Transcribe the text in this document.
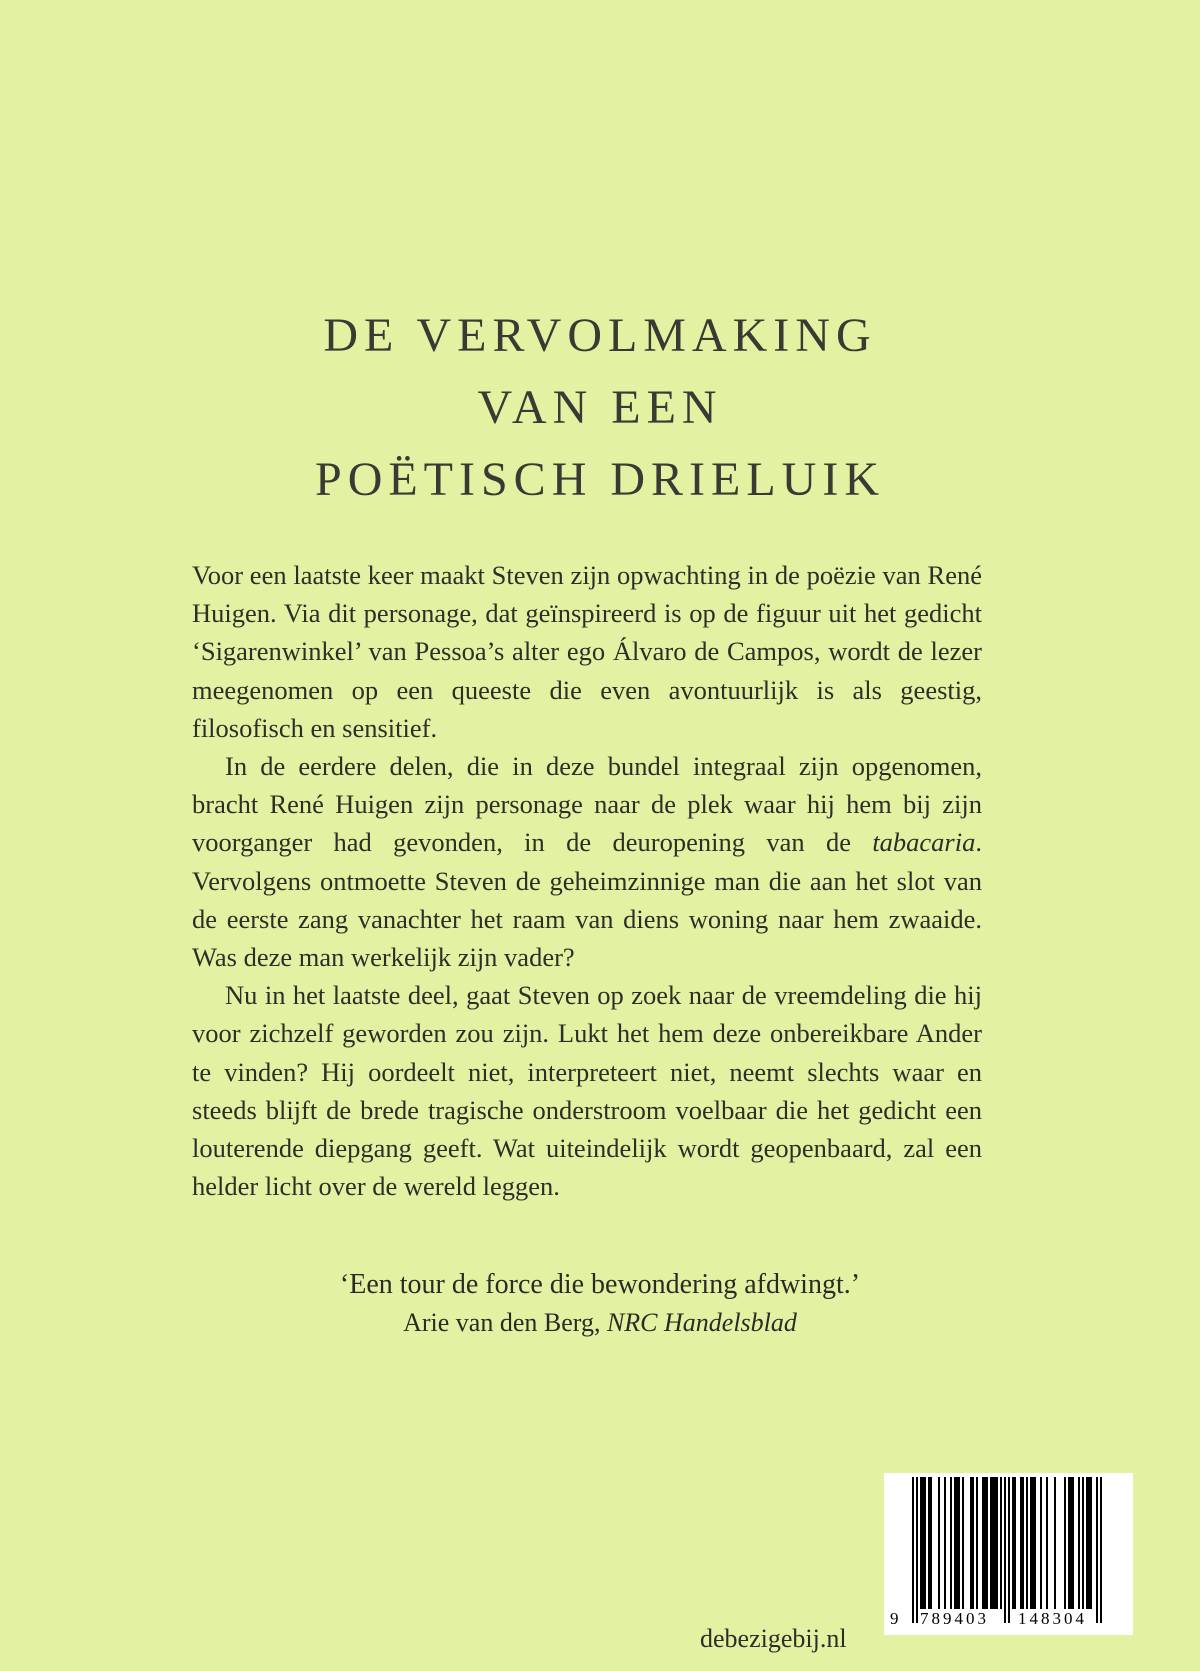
DE VERVOLMAKING
VAN EEN
POËTISCH DRIELUIK

Voor een laatste keer maakt Steven zijn opwachting in de poëzie van René Huigen. Via dit personage, dat geïnspireerd is op de figuur uit het gedicht ‘Sigarenwinkel’ van Pessoa’s alter ego Álvaro de Campos, wordt de lezer meegenomen op een queeste die even avontuurlijk is als geestig, filosofisch en sensitief.

In de eerdere delen, die in deze bundel integraal zijn opgenomen, bracht René Huigen zijn personage naar de plek waar hij hem bij zijn voorganger had gevonden, in de deuropening van de tabacaria. Vervolgens ontmoette Steven de geheimzinnige man die aan het slot van de eerste zang vanachter het raam van diens woning naar hem zwaaide. Was deze man werkelijk zijn vader?

Nu in het laatste deel, gaat Steven op zoek naar de vreemdeling die hij voor zichzelf geworden zou zijn. Lukt het hem deze onbereikbare Ander te vinden? Hij oordeelt niet, interpreteert niet, neemt slechts waar en steeds blijft de brede tragische onderstroom voelbaar die het gedicht een louterende diepgang geeft. Wat uiteindelijk wordt geopenbaard, zal een helder licht over de wereld leggen.

‘Een tour de force die bewondering afdwingt.’
Arie van den Berg, NRC Handelsblad
debezigebij.nl
9 789403 148304
